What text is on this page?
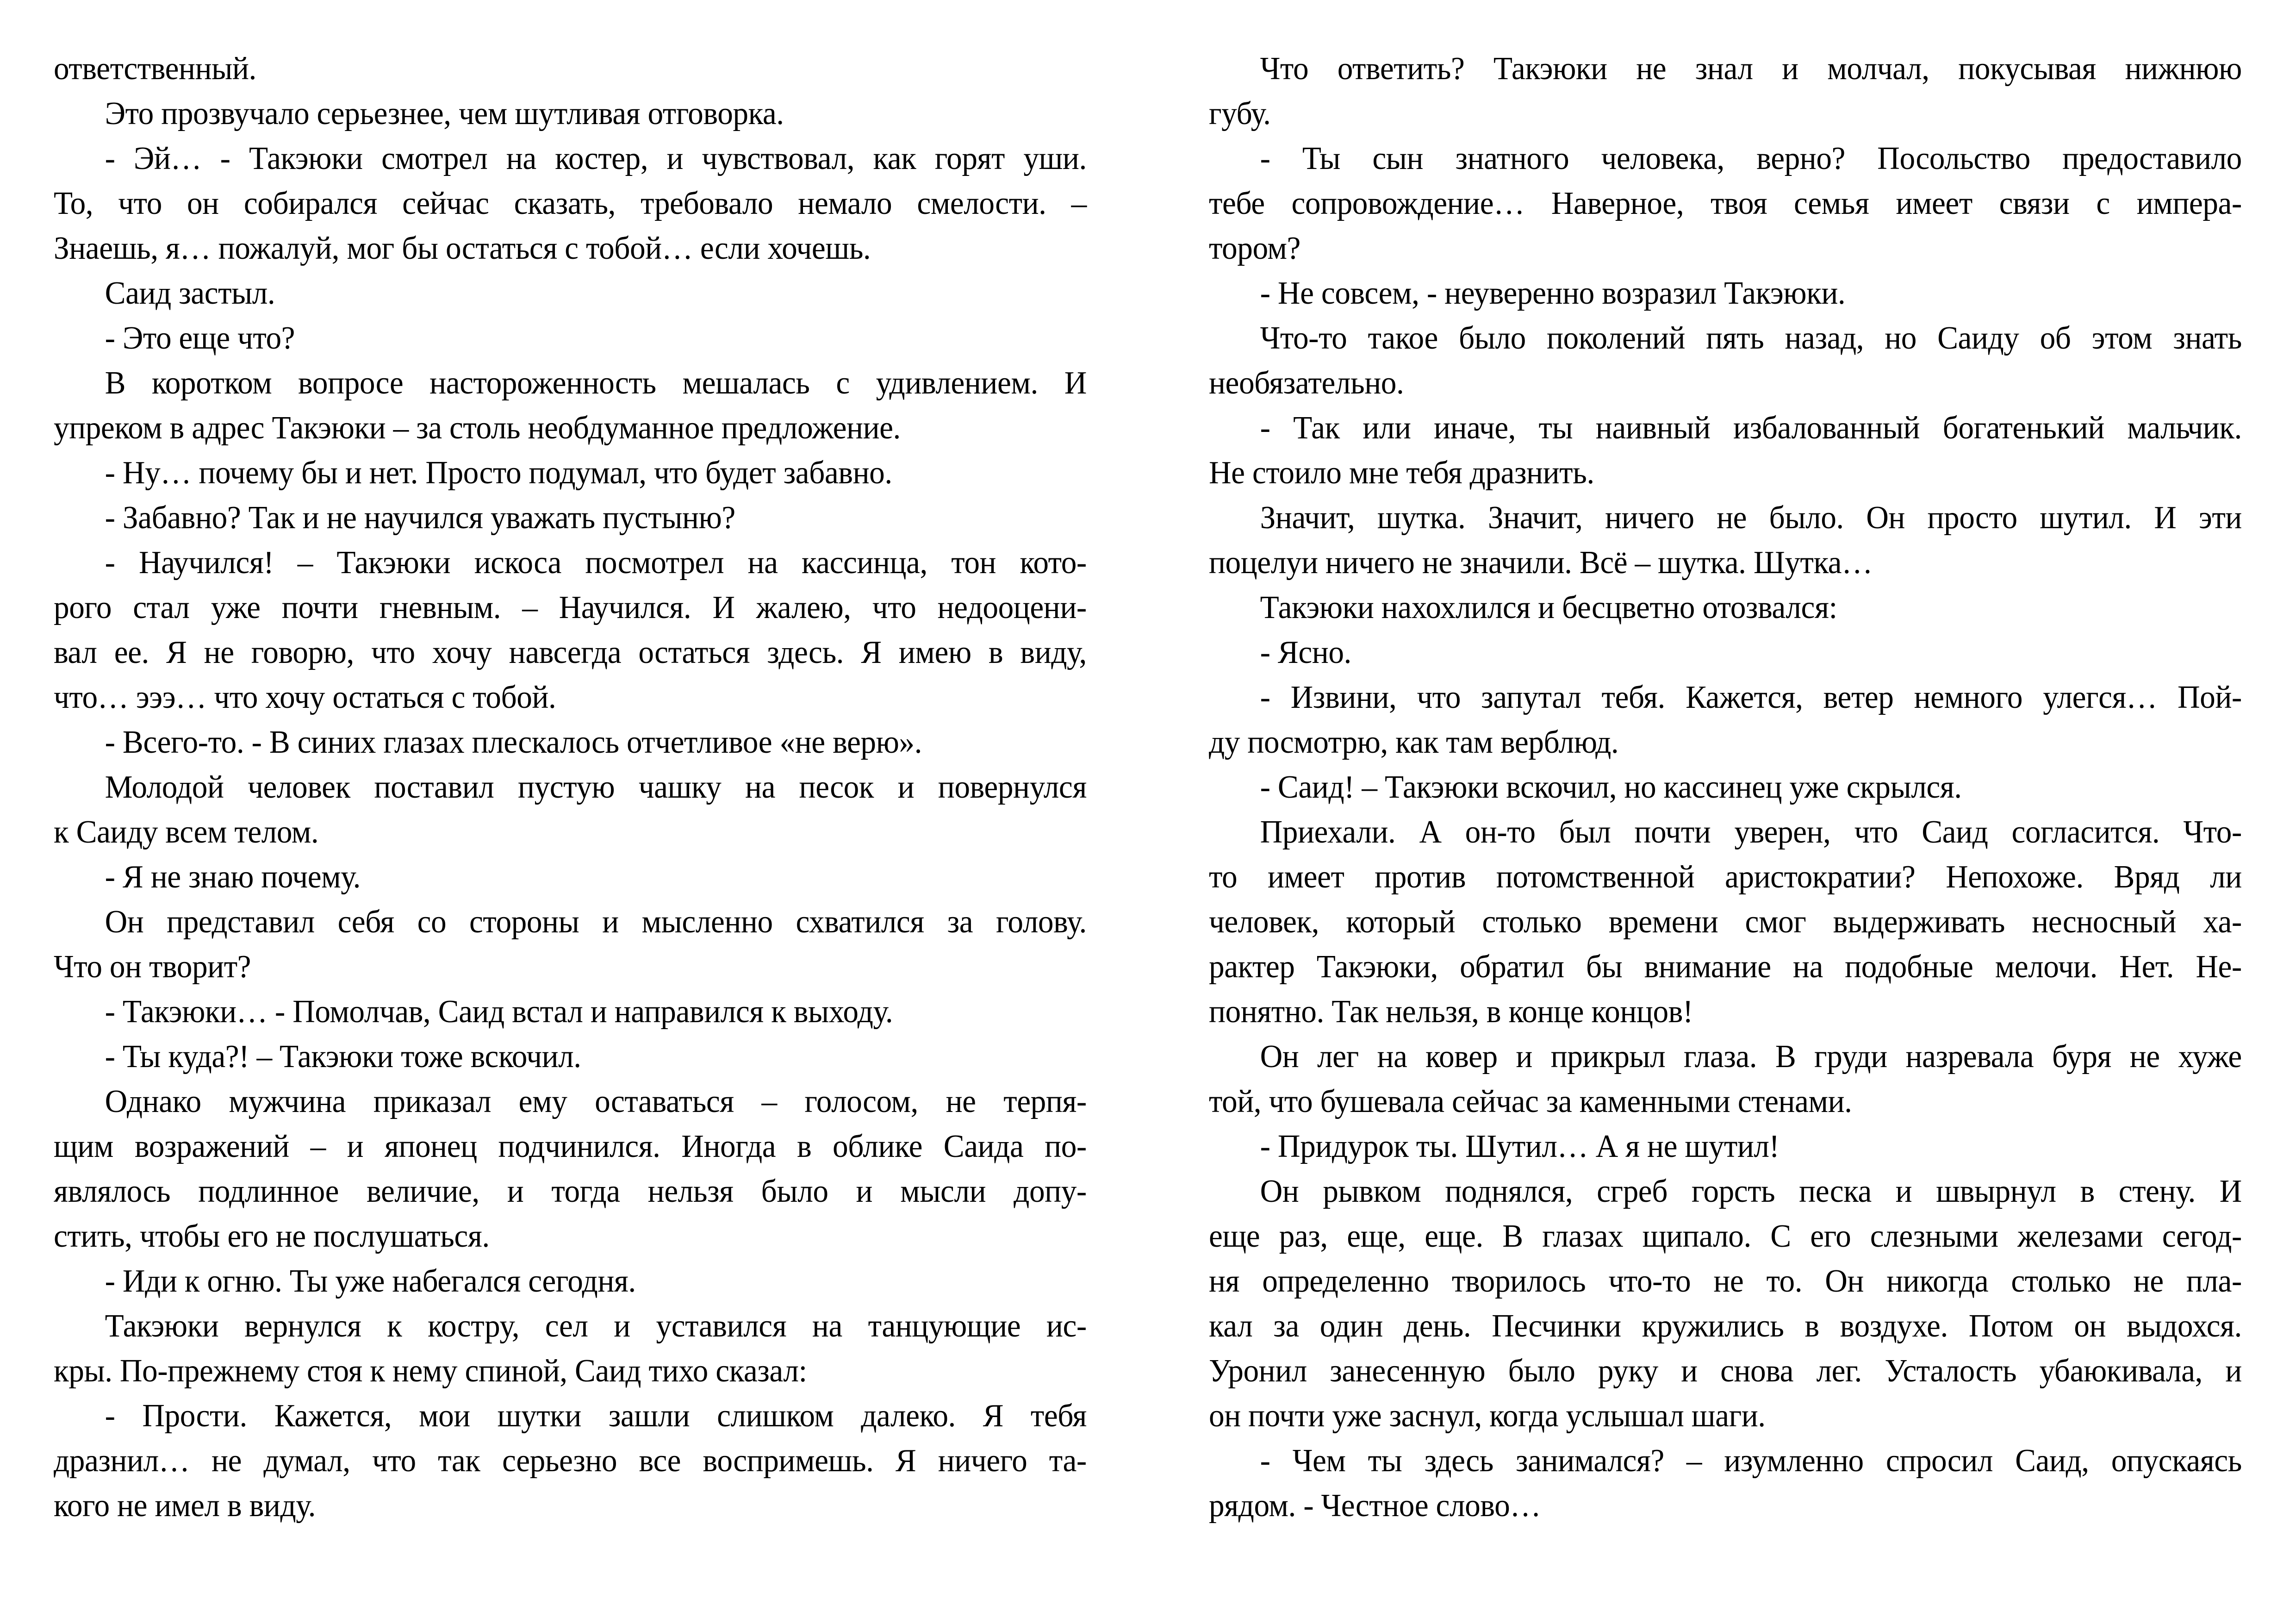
ответственный.
Это прозвучало серьезнее, чем шутливая отговорка.
- Эй… - Такэюки смотрел на костер, и чувствовал, как горят уши.
То, что он собирался сейчас сказать, требовало немало смелости. –
Знаешь, я… пожалуй, мог бы остаться с тобой… если хочешь.
Саид застыл.
- Это еще что?
В коротком вопросе настороженность мешалась с удивлением. И
упреком в адрес Такэюки – за столь необдуманное предложение.
- Ну… почему бы и нет. Просто подумал, что будет забавно.
- Забавно? Так и не научился уважать пустыню?
- Научился! – Такэюки искоса посмотрел на кассинца, тон кото-
рого стал уже почти гневным. – Научился. И жалею, что недооцени-
вал ее. Я не говорю, что хочу навсегда остаться здесь. Я имею в виду,
что… эээ… что хочу остаться с тобой.
- Всего-то. - В синих глазах плескалось отчетливое «не верю».
Молодой человек поставил пустую чашку на песок и повернулся
к Саиду всем телом.
- Я не знаю почему.
Он представил себя со стороны и мысленно схватился за голову.
Что он творит?
- Такэюки… - Помолчав, Саид встал и направился к выходу.
- Ты куда?! – Такэюки тоже вскочил.
Однако мужчина приказал ему оставаться – голосом, не терпя-
щим возражений – и японец подчинился. Иногда в облике Саида по-
являлось подлинное величие, и тогда нельзя было и мысли допу-
стить, чтобы его не послушаться.
- Иди к огню. Ты уже набегался сегодня.
Такэюки вернулся к костру, сел и уставился на танцующие ис-
кры. По-прежнему стоя к нему спиной, Саид тихо сказал:
- Прости. Кажется, мои шутки зашли слишком далеко. Я тебя
дразнил… не думал, что так серьезно все воспримешь. Я ничего та-
кого не имел в виду.
Что ответить? Такэюки не знал и молчал, покусывая нижнюю
губу.
- Ты сын знатного человека, верно? Посольство предоставило
тебе сопровождение… Наверное, твоя семья имеет связи с импера-
тором?
- Не совсем, - неуверенно возразил Такэюки.
Что-то такое было поколений пять назад, но Саиду об этом знать
необязательно.
- Так или иначе, ты наивный избалованный богатенький мальчик.
Не стоило мне тебя дразнить.
Значит, шутка. Значит, ничего не было. Он просто шутил. И эти
поцелуи ничего не значили. Всё – шутка. Шутка…
Такэюки нахохлился и бесцветно отозвался:
- Ясно.
- Извини, что запутал тебя. Кажется, ветер немного улегся… Пой-
ду посмотрю, как там верблюд.
- Саид! – Такэюки вскочил, но кассинец уже скрылся.
Приехали. А он-то был почти уверен, что Саид согласится. Что-
то имеет против потомственной аристократии? Непохоже. Вряд ли
человек, который столько времени смог выдерживать несносный ха-
рактер Такэюки, обратил бы внимание на подобные мелочи. Нет. Не-
понятно. Так нельзя, в конце концов!
Он лег на ковер и прикрыл глаза. В груди назревала буря не хуже
той, что бушевала сейчас за каменными стенами.
- Придурок ты. Шутил… А я не шутил!
Он рывком поднялся, сгреб горсть песка и швырнул в стену. И
еще раз, еще, еще. В глазах щипало. С его слезными железами сегод-
ня определенно творилось что-то не то. Он никогда столько не пла-
кал за один день. Песчинки кружились в воздухе. Потом он выдохся.
Уронил занесенную было руку и снова лег. Усталость убаюкивала, и
он почти уже заснул, когда услышал шаги.
- Чем ты здесь занимался? – изумленно спросил Саид, опускаясь
рядом. - Честное слово…
